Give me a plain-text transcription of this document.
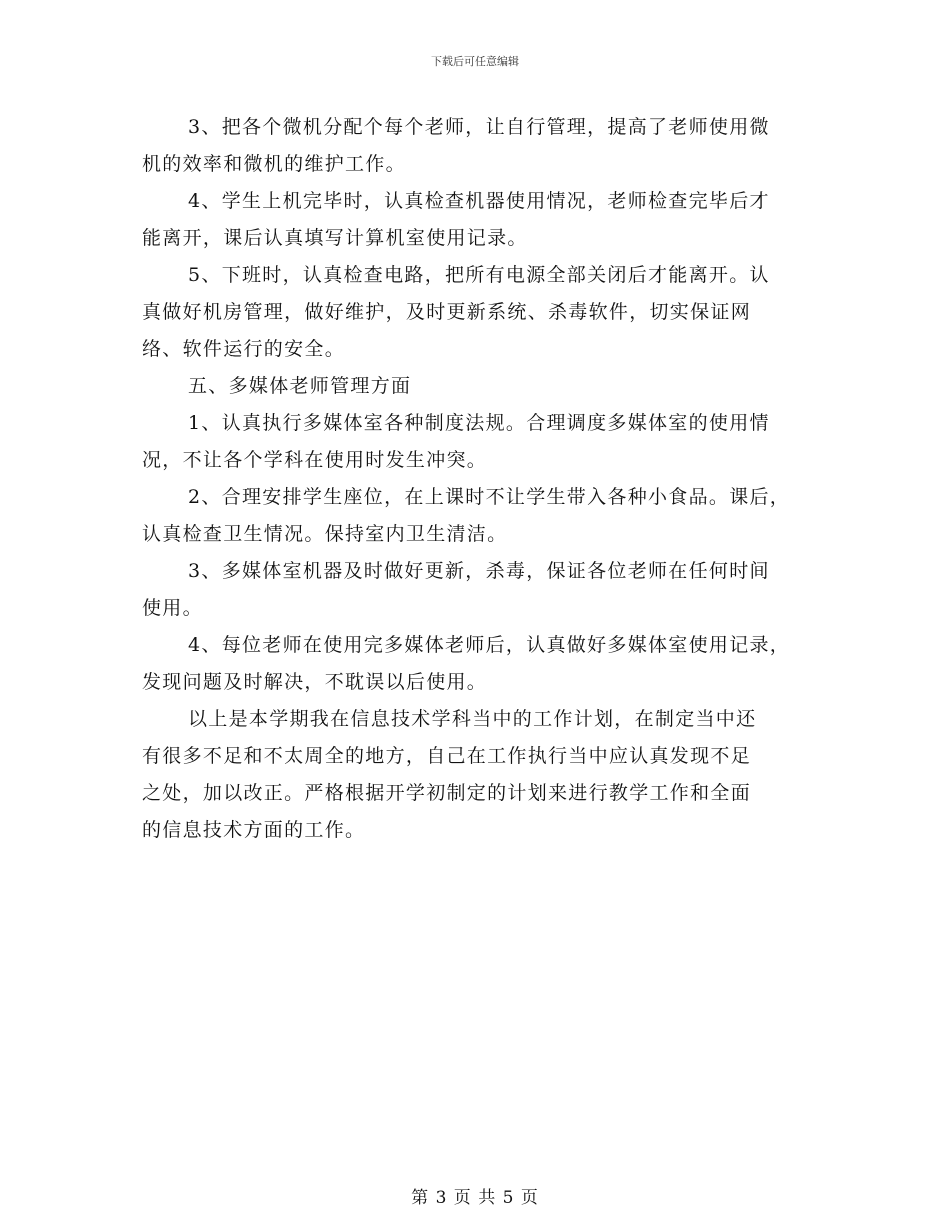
下载后可任意编辑
3、把各个微机分配个每个老师，让自行管理，提高了老师使用微
机的效率和微机的维护工作。
4、学生上机完毕时，认真检查机器使用情况，老师检查完毕后才
能离开，课后认真填写计算机室使用记录。
5、下班时，认真检查电路，把所有电源全部关闭后才能离开。认
真做好机房管理，做好维护，及时更新系统、杀毒软件，切实保证网
络、软件运行的安全。
五、多媒体老师管理方面
1、认真执行多媒体室各种制度法规。合理调度多媒体室的使用情
况，不让各个学科在使用时发生冲突。
2、合理安排学生座位，在上课时不让学生带入各种小食品。课后，
认真检查卫生情况。保持室内卫生清洁。
3、多媒体室机器及时做好更新，杀毒，保证各位老师在任何时间
使用。
4、每位老师在使用完多媒体老师后，认真做好多媒体室使用记录，
发现问题及时解决，不耽误以后使用。
以上是本学期我在信息技术学科当中的工作计划，在制定当中还
有很多不足和不太周全的地方，自己在工作执行当中应认真发现不足
之处，加以改正。严格根据开学初制定的计划来进行教学工作和全面
的信息技术方面的工作。
第 3 页 共 5 页
